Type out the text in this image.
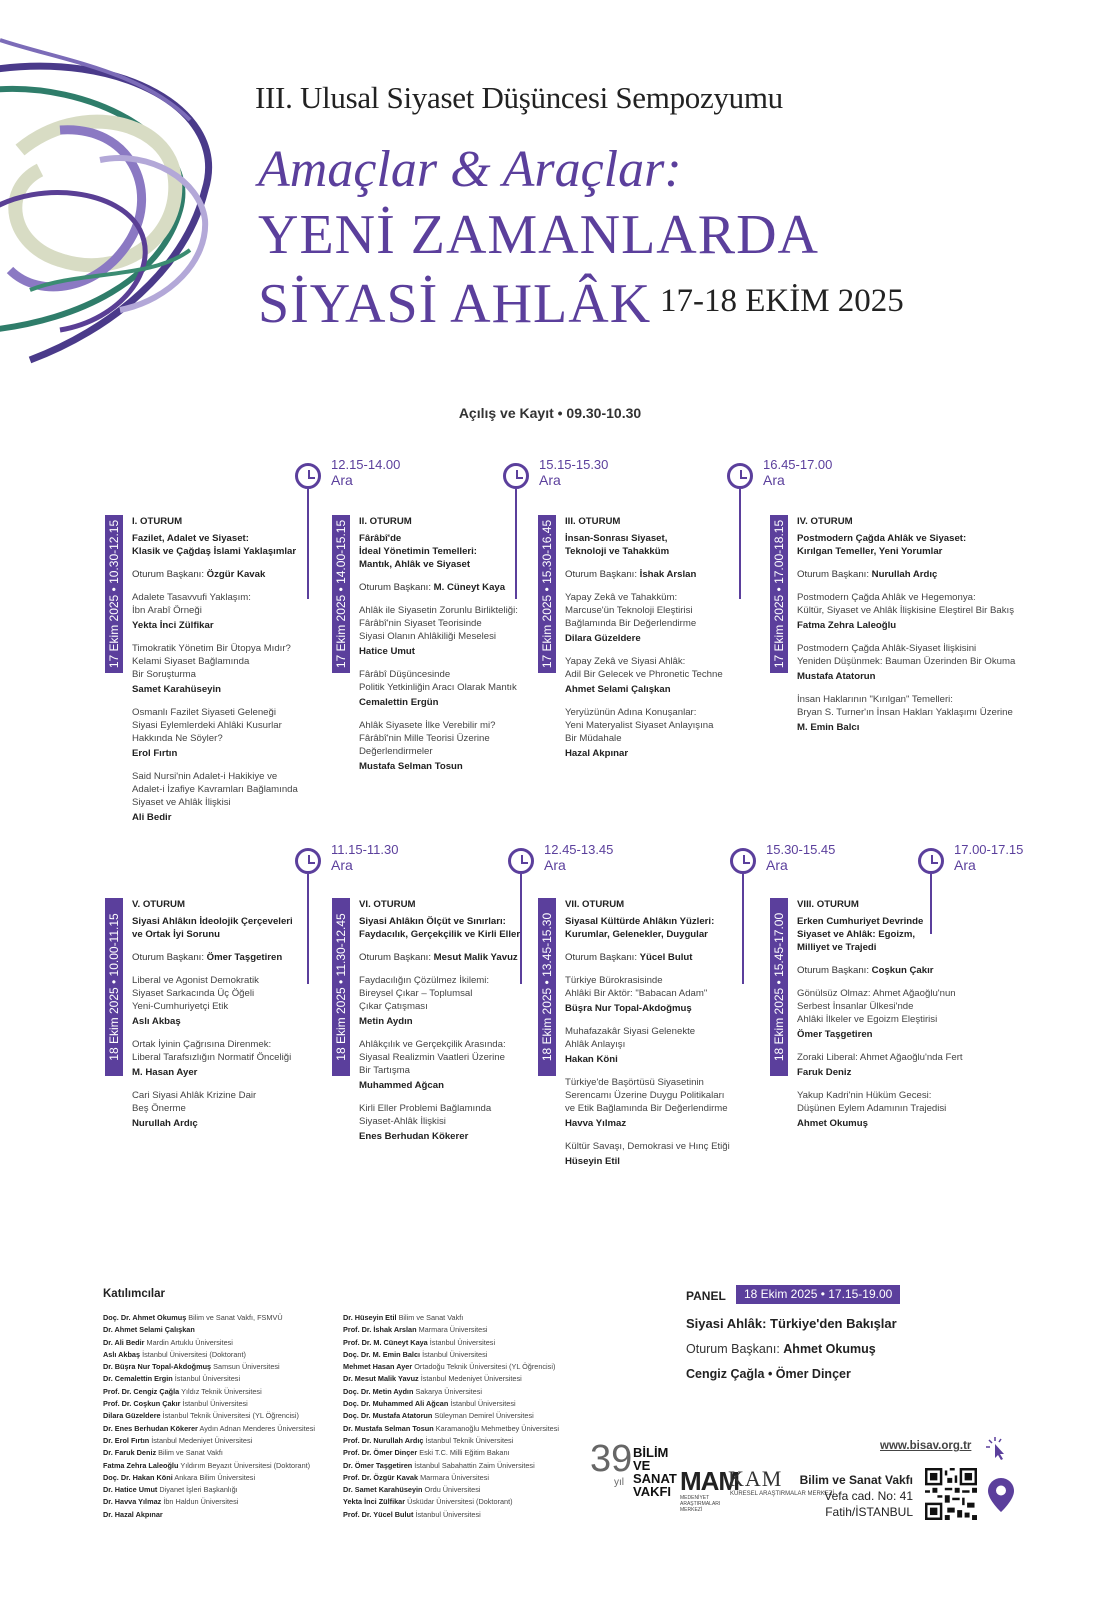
III. Ulusal Siyaset Düşüncesi Sempozyumu
Amaçlar & Araçlar:
YENİ ZAMANLARDA
SİYASİ AHLÂK 17-18 EKİM 2025
Açılış ve Kayıt • 09.30-10.30
12.15-14.00
Ara
15.15-15.30
Ara
16.45-17.00
Ara
11.15-11.30
Ara
12.45-13.45
Ara
15.30-15.45
Ara
17.00-17.15
Ara
17 Ekim 2025 • 10.30-12.15 I. OTURUM
Fazilet, Adalet ve Siyaset:
Klasik ve Çağdaş İslami Yaklaşımlar
Oturum Başkanı: Özgür Kavak
Adalete Tasavvufi Yaklaşım:
İbn Arabî Örneği
Yekta İnci Zülfikar
Timokratik Yönetim Bir Ütopya Mıdır?
Kelami Siyaset Bağlamında
Bir Soruşturma
Samet Karahüseyin
Osmanlı Fazilet Siyaseti Geleneği
Siyasi Eylemlerdeki Ahlâki Kusurlar
Hakkında Ne Söyler?
Erol Fırtın
Said Nursi'nin Adalet-i Hakikiye ve
Adalet-i İzafiye Kavramları Bağlamında
Siyaset ve Ahlâk İlişkisi
Ali Bedir
17 Ekim 2025 • 14.00-15.15 II. OTURUM
Fârâbî'de
İdeal Yönetimin Temelleri:
Mantık, Ahlâk ve Siyaset
Oturum Başkanı: M. Cüneyt Kaya
Ahlâk ile Siyasetin Zorunlu Birlikteliği:
Fârâbî'nin Siyaset Teorisinde
Siyasi Olanın Ahlâkiliği Meselesi
Hatice Umut
Fârâbî Düşüncesinde
Politik Yetkinliğin Aracı Olarak Mantık
Cemalettin Ergün
Ahlâk Siyasete İlke Verebilir mi?
Fârâbî'nin Mille Teorisi Üzerine
Değerlendirmeler
Mustafa Selman Tosun
17 Ekim 2025 • 15.30-16.45 III. OTURUM
İnsan-Sonrası Siyaset,
Teknoloji ve Tahakküm
Oturum Başkanı: İshak Arslan
Yapay Zekâ ve Tahakküm:
Marcuse'ün Teknoloji Eleştirisi
Bağlamında Bir Değerlendirme
Dilara Güzeldere
Yapay Zekâ ve Siyasi Ahlâk:
Adil Bir Gelecek ve Phronetic Techne
Ahmet Selami Çalışkan
Yeryüzünün Adına Konuşanlar:
Yeni Materyalist Siyaset Anlayışına
Bir Müdahale
Hazal Akpınar
17 Ekim 2025 • 17.00-18.15 IV. OTURUM
Postmodern Çağda Ahlâk ve Siyaset:
Kırılgan Temeller, Yeni Yorumlar
Oturum Başkanı: Nurullah Ardıç
Postmodern Çağda Ahlâk ve Hegemonya:
Kültür, Siyaset ve Ahlâk İlişkisine Eleştirel Bir Bakış
Fatma Zehra Laleoğlu
Postmodern Çağda Ahlâk-Siyaset İlişkisini
Yeniden Düşünmek: Bauman Üzerinden Bir Okuma
Mustafa Atatorun
İnsan Haklarının "Kırılgan" Temelleri:
Bryan S. Turner'ın İnsan Hakları Yaklaşımı Üzerine
M. Emin Balcı
18 Ekim 2025 • 10.00-11.15
V. OTURUM
Siyasi Ahlâkın İdeolojik Çerçeveleri
ve Ortak İyi Sorunu
Oturum Başkanı: Ömer Taşgetiren
Liberal ve Agonist Demokratik
Siyaset Sarkacında Üç Öğeli
Yeni-Cumhuriyetçi Etik
Aslı Akbaş
Ortak İyinin Çağrısına Direnmek:
Liberal Tarafsızlığın Normatif Önceliği
M. Hasan Ayer
Cari Siyasi Ahlâk Krizine Dair
Beş Önerme
Nurullah Ardıç
18 Ekim 2025 • 11.30-12.45
VI. OTURUM
Siyasi Ahlâkın Ölçüt ve Sınırları:
Faydacılık, Gerçekçilik ve Kirli Eller
Oturum Başkanı: Mesut Malik Yavuz
Faydacılığın Çözülmez İkilemi:
Bireysel Çıkar – Toplumsal
Çıkar Çatışması
Metin Aydın
Ahlâkçılık ve Gerçekçilik Arasında:
Siyasal Realizmin Vaatleri Üzerine
Bir Tartışma
Muhammed Ağcan
Kirli Eller Problemi Bağlamında
Siyaset-Ahlâk İlişkisi
Enes Berhudan Kökerer
18 Ekim 2025 • 13.45-15.30
VII. OTURUM
Siyasal Kültürde Ahlâkın Yüzleri:
Kurumlar, Gelenekler, Duygular
Oturum Başkanı: Yücel Bulut
Türkiye Bürokrasisinde
Ahlâki Bir Aktör: "Babacan Adam"
Büşra Nur Topal-Akdoğmuş
Muhafazakâr Siyasi Gelenekte
Ahlâk Anlayışı
Hakan Köni
Türkiye'de Başörtüsü Siyasetinin
Serencamı Üzerine Duygu Politikaları
ve Etik Bağlamında Bir Değerlendirme
Havva Yılmaz
Kültür Savaşı, Demokrasi ve Hınç Etiği
Hüseyin Etil
18 Ekim 2025 • 15.45-17.00
VIII. OTURUM
Erken Cumhuriyet Devrinde
Siyaset ve Ahlâk: Egoizm,
Milliyet ve Trajedi
Oturum Başkanı: Coşkun Çakır
Gönülsüz Olmaz: Ahmet Ağaoğlu'nun
Serbest İnsanlar Ülkesi'nde
Ahlâki İlkeler ve Egoizm Eleştirisi
Ömer Taşgetiren
Zoraki Liberal: Ahmet Ağaoğlu'nda Fert
Faruk Deniz
Yakup Kadri'nin Hüküm Gecesi:
Düşünen Eylem Adamının Trajedisi
Ahmet Okumuş
Katılımcılar
Doç. Dr. Ahmet Okumuş Bilim ve Sanat Vakfı, FSMVÜ
Dr. Ahmet Selami Çalışkan
Dr. Ali Bedir Mardin Artuklu Üniversitesi
Aslı Akbaş İstanbul Üniversitesi (Doktorant)
Dr. Büşra Nur Topal-Akdoğmuş Samsun Üniversitesi
Dr. Cemalettin Ergin İstanbul Üniversitesi
Prof. Dr. Cengiz Çağla Yıldız Teknik Üniversitesi
Prof. Dr. Coşkun Çakır İstanbul Üniversitesi
Dilara Güzeldere İstanbul Teknik Üniversitesi (YL Öğrencisi)
Dr. Enes Berhudan Kökerer Aydın Adnan Menderes Üniversitesi
Dr. Erol Fırtın İstanbul Medeniyet Üniversitesi
Dr. Faruk Deniz Bilim ve Sanat Vakfı
Fatma Zehra Laleoğlu Yıldırım Beyazıt Üniversitesi (Doktorant)
Doç. Dr. Hakan Köni Ankara Bilim Üniversitesi
Dr. Hatice Umut Diyanet İşleri Başkanlığı
Dr. Havva Yılmaz İbn Haldun Üniversitesi
Dr. Hazal Akpınar
Dr. Hüseyin Etil Bilim ve Sanat Vakfı
Prof. Dr. İshak Arslan Marmara Üniversitesi
Prof. Dr. M. Cüneyt Kaya İstanbul Üniversitesi
Doç. Dr. M. Emin Balcı İstanbul Üniversitesi
Mehmet Hasan Ayer Ortadoğu Teknik Üniversitesi (YL Öğrencisi)
Dr. Mesut Malik Yavuz İstanbul Medeniyet Üniversitesi
Doç. Dr. Metin Aydın Sakarya Üniversitesi
Doç. Dr. Muhammed Ali Ağcan İstanbul Üniversitesi
Doç. Dr. Mustafa Atatorun Süleyman Demirel Üniversitesi
Dr. Mustafa Selman Tosun Karamanoğlu Mehmetbey Üniversitesi
Prof. Dr. Nurullah Ardıç İstanbul Teknik Üniversitesi
Prof. Dr. Ömer Dinçer Eski T.C. Milli Eğitim Bakanı
Dr. Ömer Taşgetiren İstanbul Sabahattin Zaim Üniversitesi
Prof. Dr. Özgür Kavak Marmara Üniversitesi
Dr. Samet Karahüseyin Ordu Üniversitesi
Yekta İnci Zülfikar Üsküdar Üniversitesi (Doktorant)
Prof. Dr. Yücel Bulut İstanbul Üniversitesi
PANEL	18 Ekim 2025 • 17.15-19.00
Siyasi Ahlâk: Türkiye'den Bakışlar
Oturum Başkanı: Ahmet Okumuş
Cengiz Çağla • Ömer Dinçer
www.bisav.org.tr
39
yıl
BİLİM VE SANAT VAKFI MAM
MEDENİYET ARAŞTIRMALARI MERKEZİ
KAM
KÜRESEL ARAŞTIRMALAR MERKEZİ
Bilim ve Sanat Vakfı
Vefa cad. No: 41
Fatih/İSTANBUL
